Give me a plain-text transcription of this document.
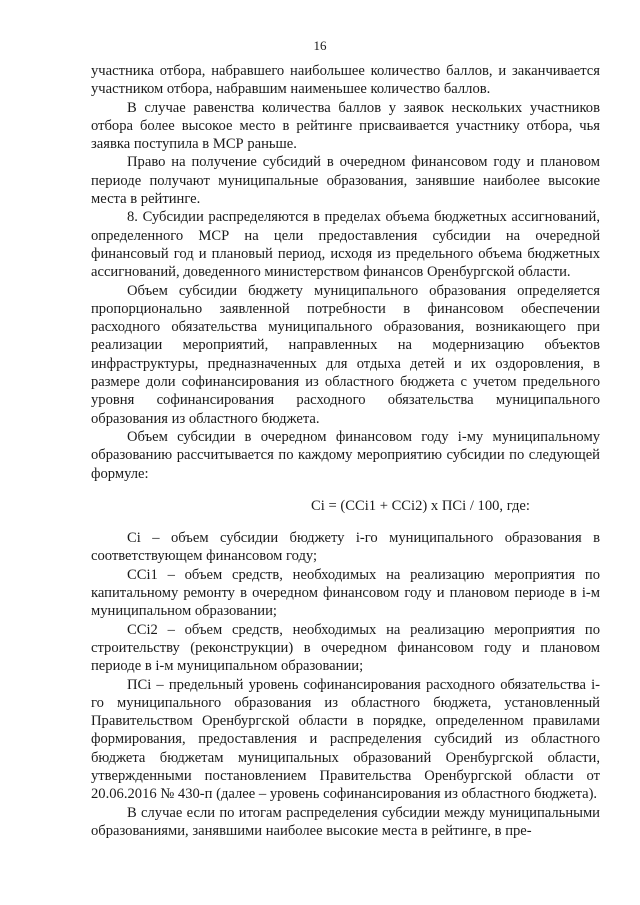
16

участника отбора, набравшего наибольшее количество баллов, и заканчивается участником отбора, набравшим наименьшее количество баллов.

В случае равенства количества баллов у заявок нескольких участников отбора более высокое место в рейтинге присваивается участнику отбора, чья заявка поступила в МСР раньше.

Право на получение субсидий в очередном финансовом году и плановом периоде получают муниципальные образования, занявшие наиболее высокие места в рейтинге.

8. Субсидии распределяются в пределах объема бюджетных ассигнований, определенного МСР на цели предоставления субсидии на очередной финансовый год и плановый период, исходя из предельного объема бюджетных ассигнований, доведенного министерством финансов Оренбургской области.

Объем субсидии бюджету муниципального образования определяется пропорционально заявленной потребности в финансовом обеспечении расходного обязательства муниципального образования, возникающего при реализации мероприятий, направленных на модернизацию объектов инфраструктуры, предназначенных для отдыха детей и их оздоровления, в размере доли софинансирования из областного бюджета с учетом предельного уровня софинансирования расходного обязательства муниципального образования из областного бюджета.

Объем субсидии в очередном финансовом году i-му муниципальному образованию рассчитывается по каждому мероприятию субсидии по следующей формуле:

Ci = (ССi1 + ССi2) х ПСi / 100, где:

Ci – объем субсидии бюджету i-го муниципального образования в соответствующем финансовом году;

ССi1 – объем средств, необходимых на реализацию мероприятия по капитальному ремонту в очередном финансовом году и плановом периоде в i-м муниципальном образовании;

ССi2 – объем средств, необходимых на реализацию мероприятия по строительству (реконструкции) в очередном финансовом году и плановом периоде в i-м муниципальном образовании;

ПСi – предельный уровень софинансирования расходного обязательства i-го муниципального образования из областного бюджета, установленный Правительством Оренбургской области в порядке, определенном правилами формирования, предоставления и распределения субсидий из областного бюджета бюджетам муниципальных образований Оренбургской области, утвержденными постановлением Правительства Оренбургской области от 20.06.2016 № 430-п (далее – уровень софинансирования из областного бюджета).

В случае если по итогам распределения субсидии между муниципальными образованиями, занявшими наиболее высокие места в рейтинге, в пре-
